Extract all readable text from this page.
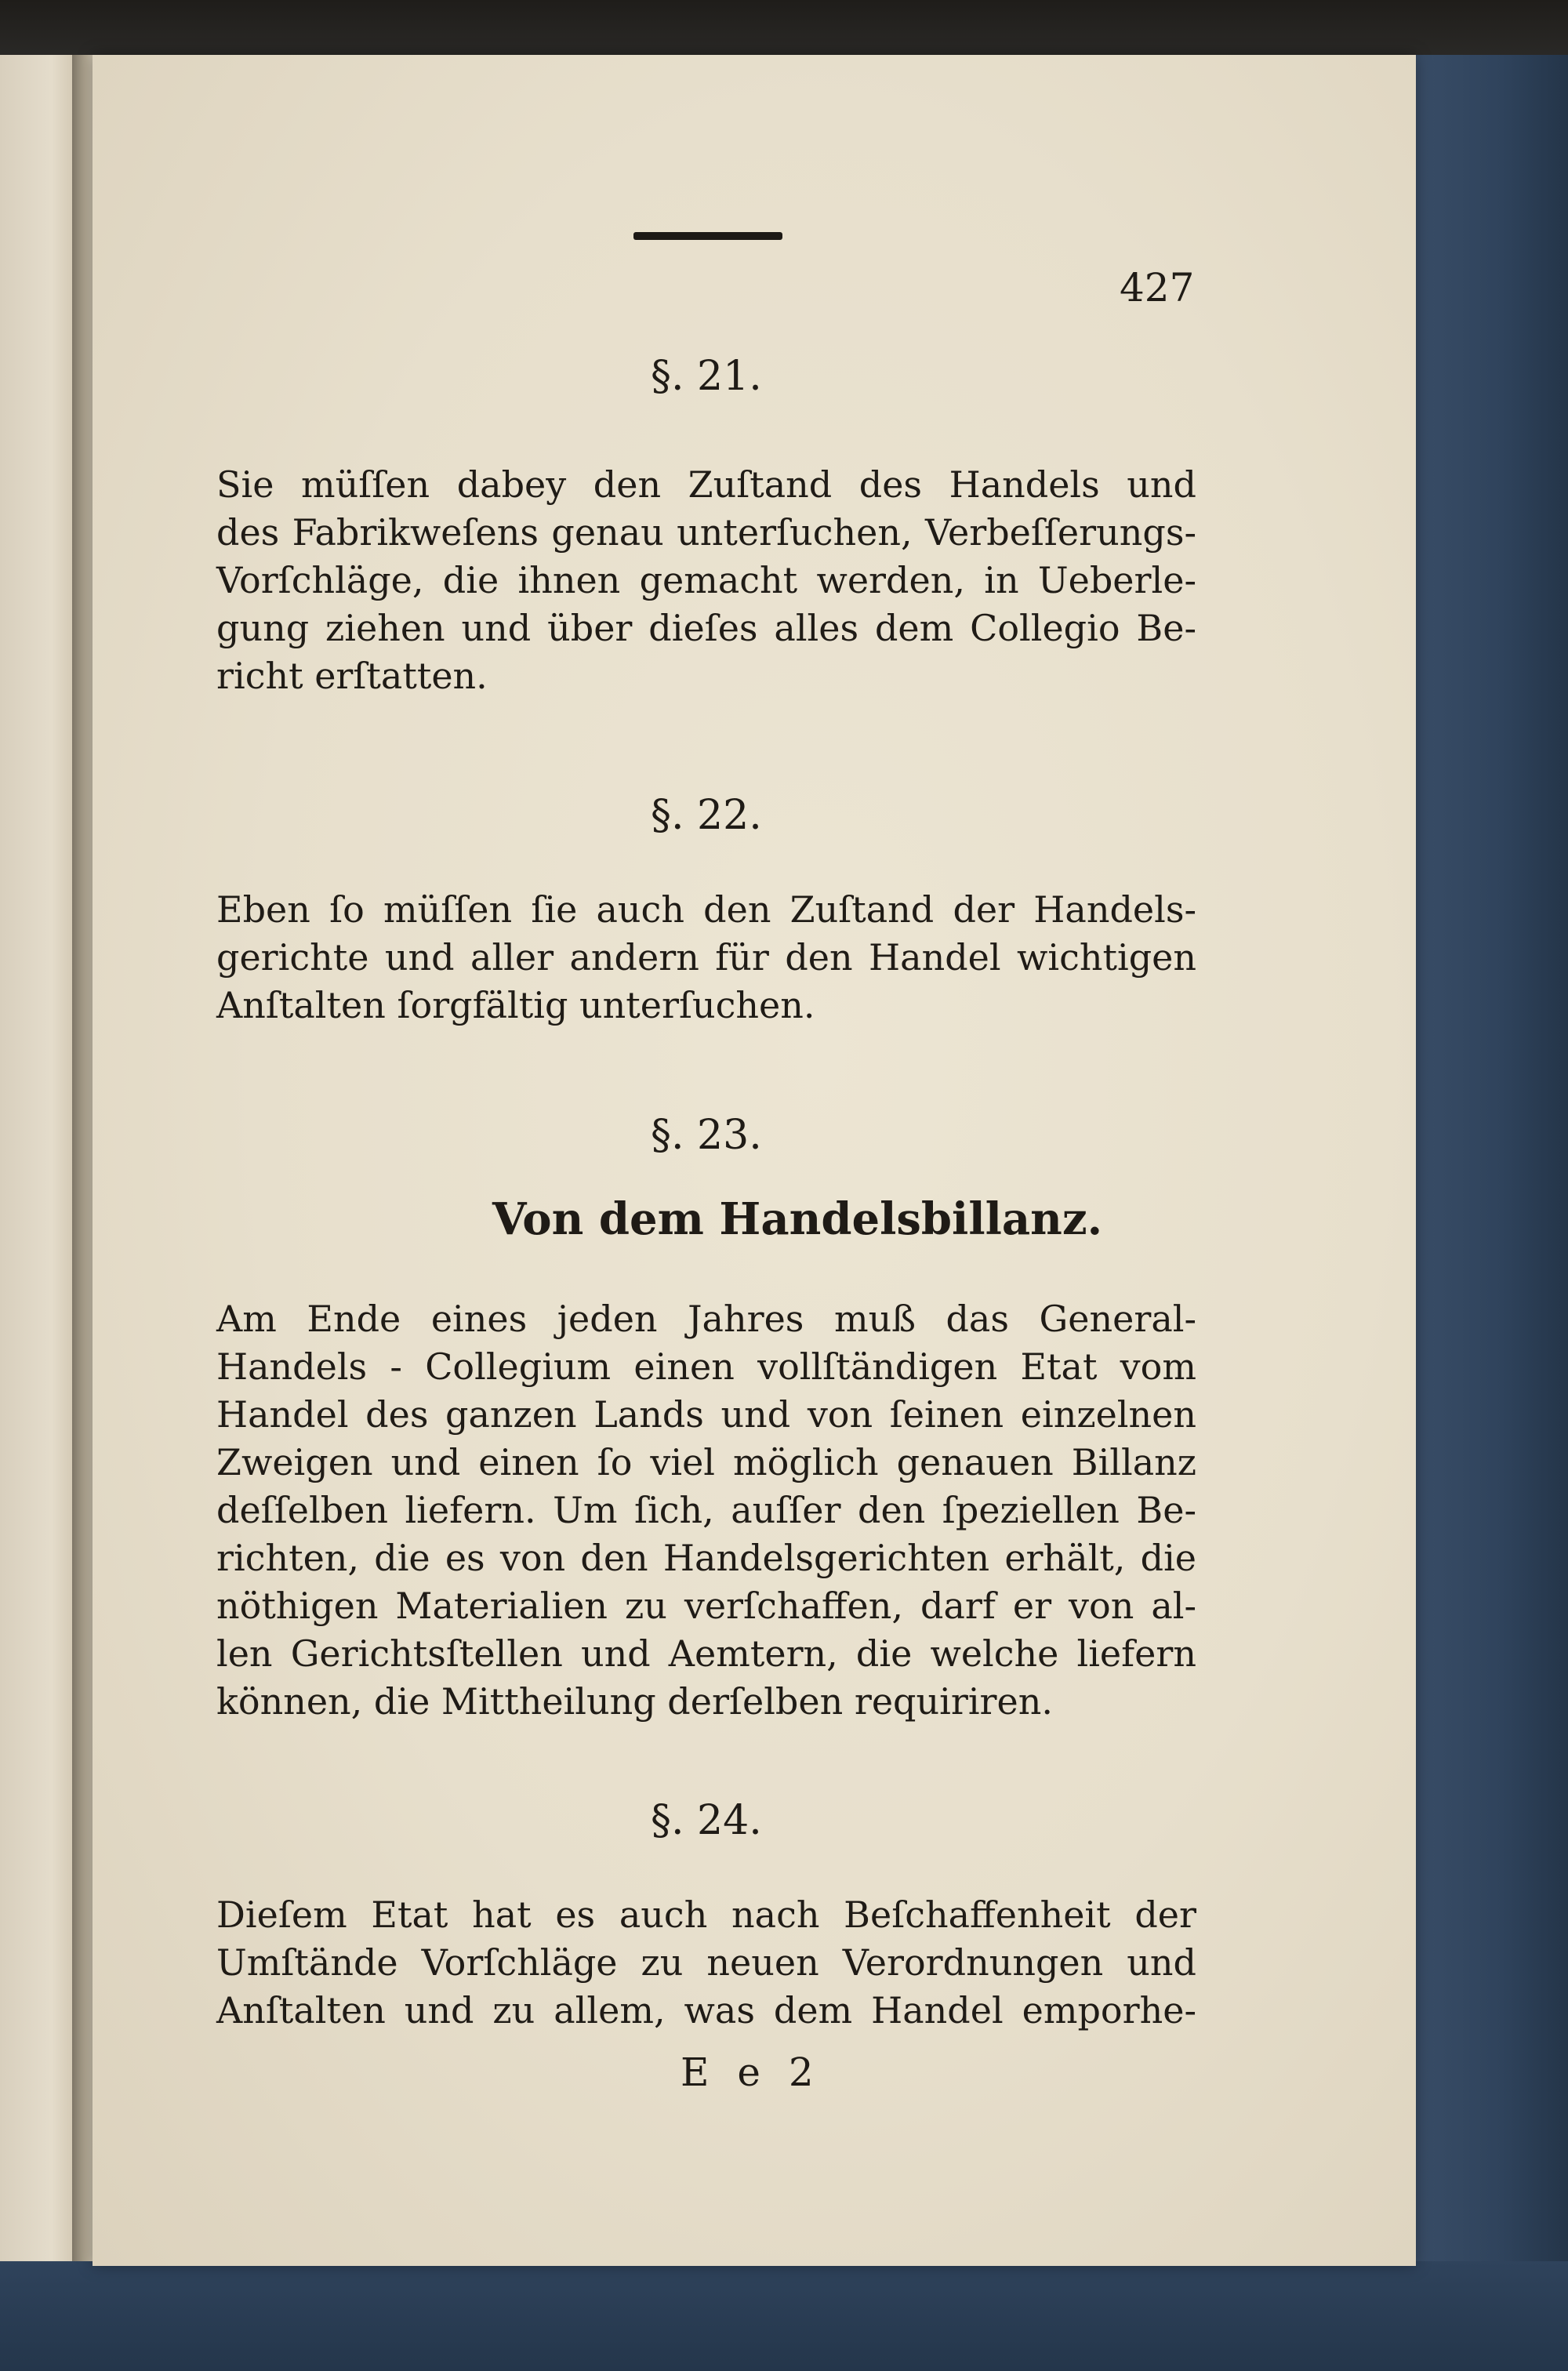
427
§. 21.
Sie müſſen dabey den Zuſtand des Handels und
des Fabrikweſens genau unterſuchen, Verbeſſerungs-
Vorſchläge, die ihnen gemacht werden, in Ueberle-
gung ziehen und über dieſes alles dem Collegio Be-
richt erſtatten.
§. 22.
Eben ſo müſſen ſie auch den Zuſtand der Handels-
gerichte und aller andern für den Handel wichtigen
Anſtalten ſorgfältig unterſuchen.
§. 23.
Von dem Handelsbillanz.
Am Ende eines jeden Jahres muß das General-
Handels - Collegium einen vollſtändigen Etat vom
Handel des ganzen Lands und von ſeinen einzelnen
Zweigen und einen ſo viel möglich genauen Billanz
deſſelben liefern. Um ſich, auſſer den ſpeziellen Be-
richten, die es von den Handelsgerichten erhält, die
nöthigen Materialien zu verſchaffen, darf er von al-
len Gerichtsſtellen und Aemtern, die welche liefern
können, die Mittheilung derſelben requiriren.
§. 24.
Dieſem Etat hat es auch nach Beſchaffenheit der
Umſtände Vorſchläge zu neuen Verordnungen und
Anſtalten und zu allem, was dem Handel emporhe-
E e 2
